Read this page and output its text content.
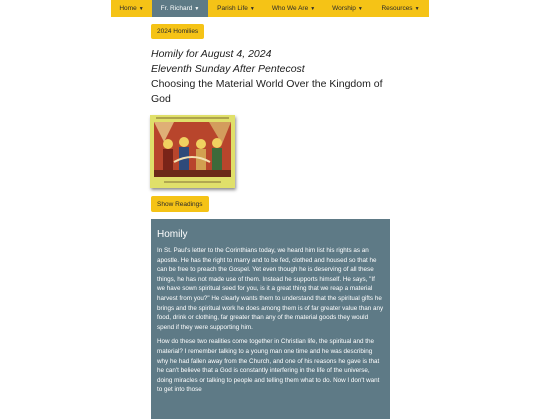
Home ▼	Fr. Richard ▼	Parish Life ▼	Who We Are ▼	Worship ▼	Resources ▼
2024 Homilies
Homily for August 4, 2024
Eleventh Sunday After Pentecost
Choosing the Material World Over the Kingdom of God
Show Readings
Homily

In St. Paul's letter to the Corinthians today, we heard him list his rights as an apostle. He has the right to marry and to be fed, clothed and housed so that he can be free to preach the Gospel. Yet even though he is deserving of all these things, he has not made use of them. Instead he supports himself. He says, "If we have sown spiritual seed for you, is it a great thing that we reap a material harvest from you?" He clearly wants them to understand that the spiritual gifts he brings and the spiritual work he does among them is of far greater value than any food, drink or clothing, far greater than any of the material goods they would spend if they were supporting him.

How do these two realities come together in Christian life, the spiritual and the material? I remember talking to a young man one time and he was describing why he had fallen away from the Church, and one of his reasons he gave is that he can't believe that a God is constantly interfering in the life of the universe, doing miracles or talking to people and telling them what to do. Now I don't want to get into those
